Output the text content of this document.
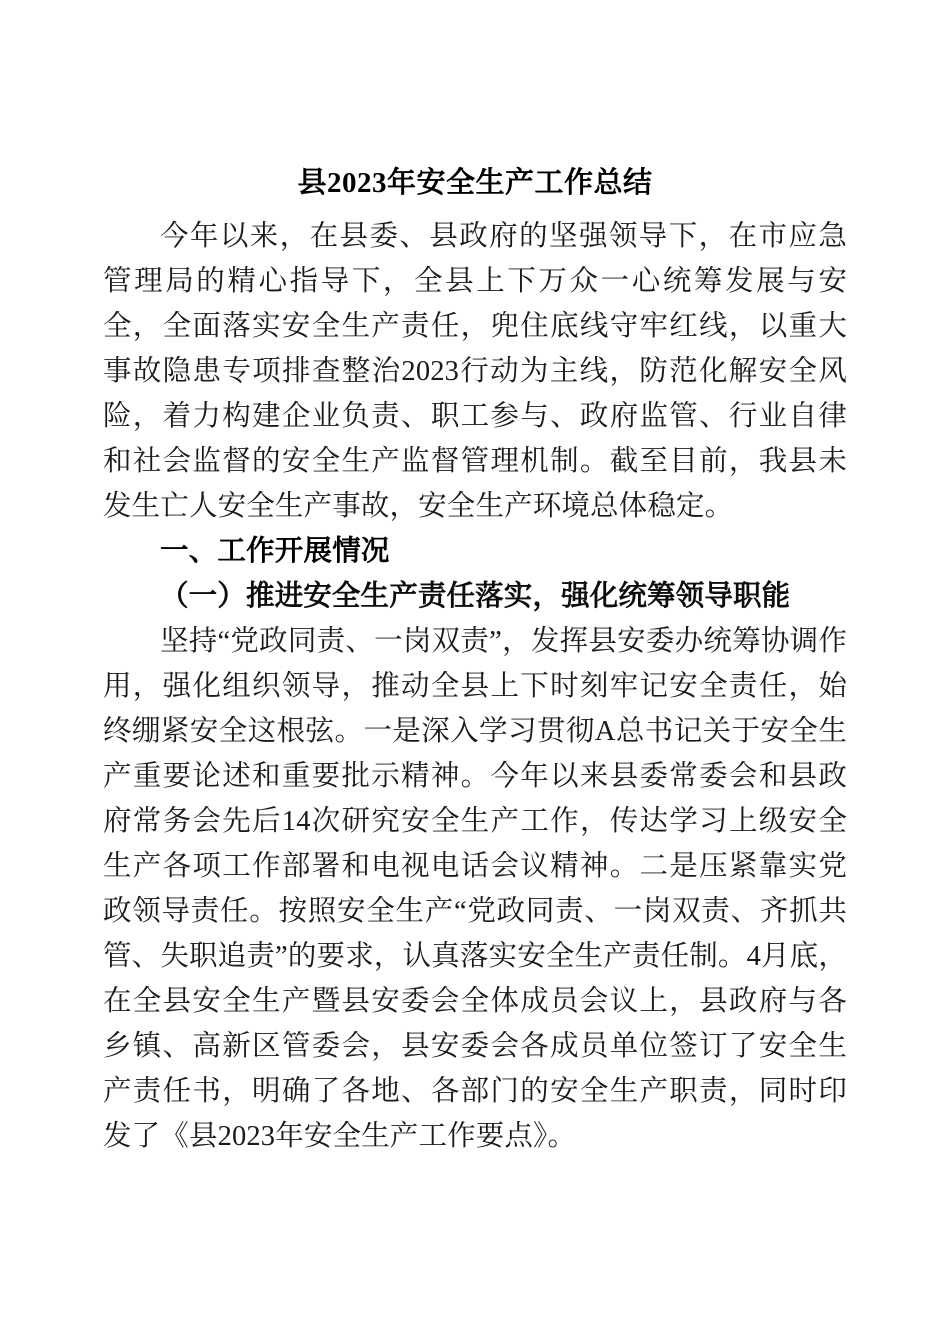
县2023年安全生产工作总结

今年以来，在县委、县政府的坚强领导下，在市应急管理局的精心指导下，全县上下万众一心统筹发展与安全，全面落实安全生产责任，兜住底线守牢红线，以重大事故隐患专项排查整治2023行动为主线，防范化解安全风险，着力构建企业负责、职工参与、政府监管、行业自律和社会监督的安全生产监督管理机制。截至目前，我县未发生亡人安全生产事故，安全生产环境总体稳定。

一、工作开展情况

（一）推进安全生产责任落实，强化统筹领导职能

坚持“党政同责、一岗双责”，发挥县安委办统筹协调作用，强化组织领导，推动全县上下时刻牢记安全责任，始终绷紧安全这根弦。一是深入学习贯彻A总书记关于安全生产重要论述和重要批示精神。今年以来县委常委会和县政府常务会先后14次研究安全生产工作，传达学习上级安全生产各项工作部署和电视电话会议精神。二是压紧靠实党政领导责任。按照安全生产“党政同责、一岗双责、齐抓共管、失职追责”的要求，认真落实安全生产责任制。4月底，在全县安全生产暨县安委会全体成员会议上，县政府与各乡镇、高新区管委会，县安委会各成员单位签订了安全生产责任书，明确了各地、各部门的安全生产职责，同时印发了《县2023年安全生产工作要点》。
